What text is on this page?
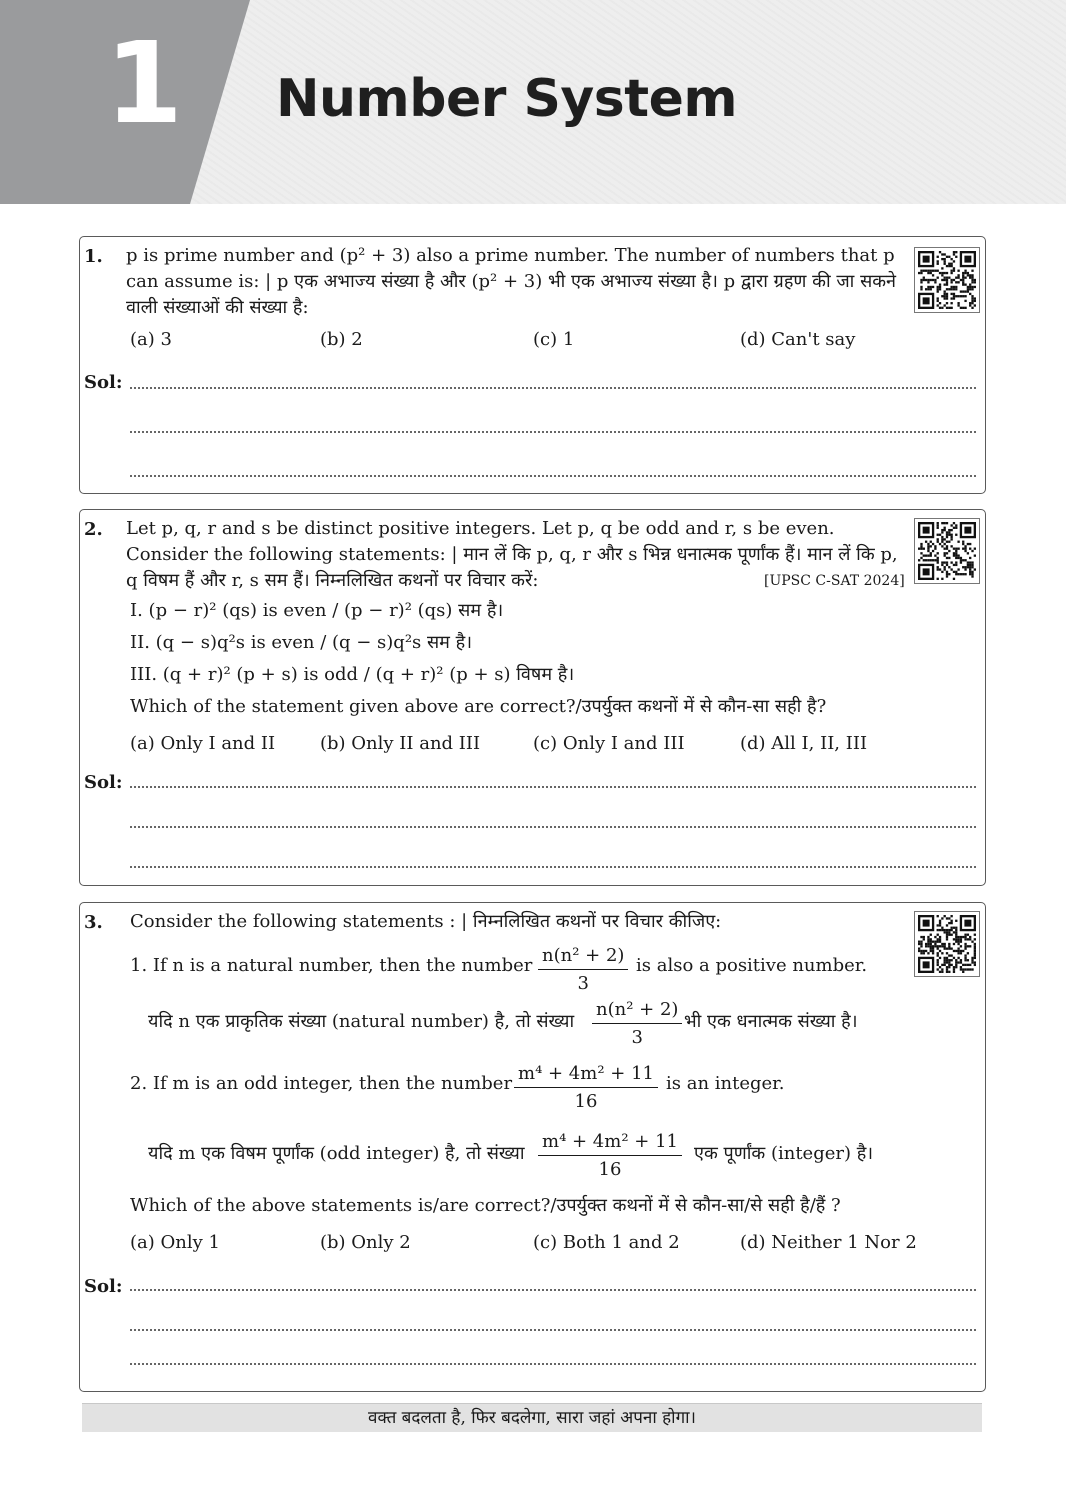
1 Number System
1. p is prime number and (p² + 3) also a prime number. The number of numbers that p can assume is: | p एक अभाज्य संख्या है और (p² + 3) भी एक अभाज्य संख्या है। p द्वारा ग्रहण की जा सकने वाली संख्याओं की संख्या है:
(a) 3	(b) 2	(c) 1	(d) Can't say
Sol:
2. Let p, q, r and s be distinct positive integers. Let p, q be odd and r, s be even. Consider the following statements: | मान लें कि p, q, r और s भिन्न धनात्मक पूर्णांक हैं। मान लें कि p, q विषम हैं और r, s सम हैं। निम्नलिखित कथनों पर विचार करें:	[UPSC C-SAT 2024]
I. (p − r)² (qs) is even / (p − r)² (qs) सम है।
II. (q − s)q²s is even / (q − s)q²s सम है।
III. (q + r)² (p + s) is odd / (q + r)² (p + s) विषम है।
Which of the statement given above are correct?/उपर्युक्त कथनों में से कौन-सा सही है?
(a) Only I and II (b) Only II and III	(c) Only I and III	(d) All I, II, III
Sol:
3. Consider the following statements : | निम्नलिखित कथनों पर विचार कीजिए:
1. If n is a natural number, then the number $\frac{\text{n(n² + 2)}}{3}$ is also a positive number.
यदि n एक प्राकृतिक संख्या (natural number) है, तो संख्या $\frac{\text{n(n² + 2)}}{3}$ भी एक धनात्मक संख्या है।
2. If m is an odd integer, then the number $\frac{\text{m⁴ + 4m² + 11}}{16}$ is an integer.
यदि m एक विषम पूर्णांक (odd integer) है, तो संख्या $\frac{\text{m⁴ + 4m² + 11}}{16}$ एक पूर्णांक (integer) है।
Which of the above statements is/are correct?/उपर्युक्त कथनों में से कौन-सा/से सही है/हैं ?
(a) Only 1	(b) Only 2	(c) Both 1 and 2	(d) Neither 1 Nor 2
Sol:
वक्त बदलता है, फिर बदलेगा, सारा जहां अपना होगा।
